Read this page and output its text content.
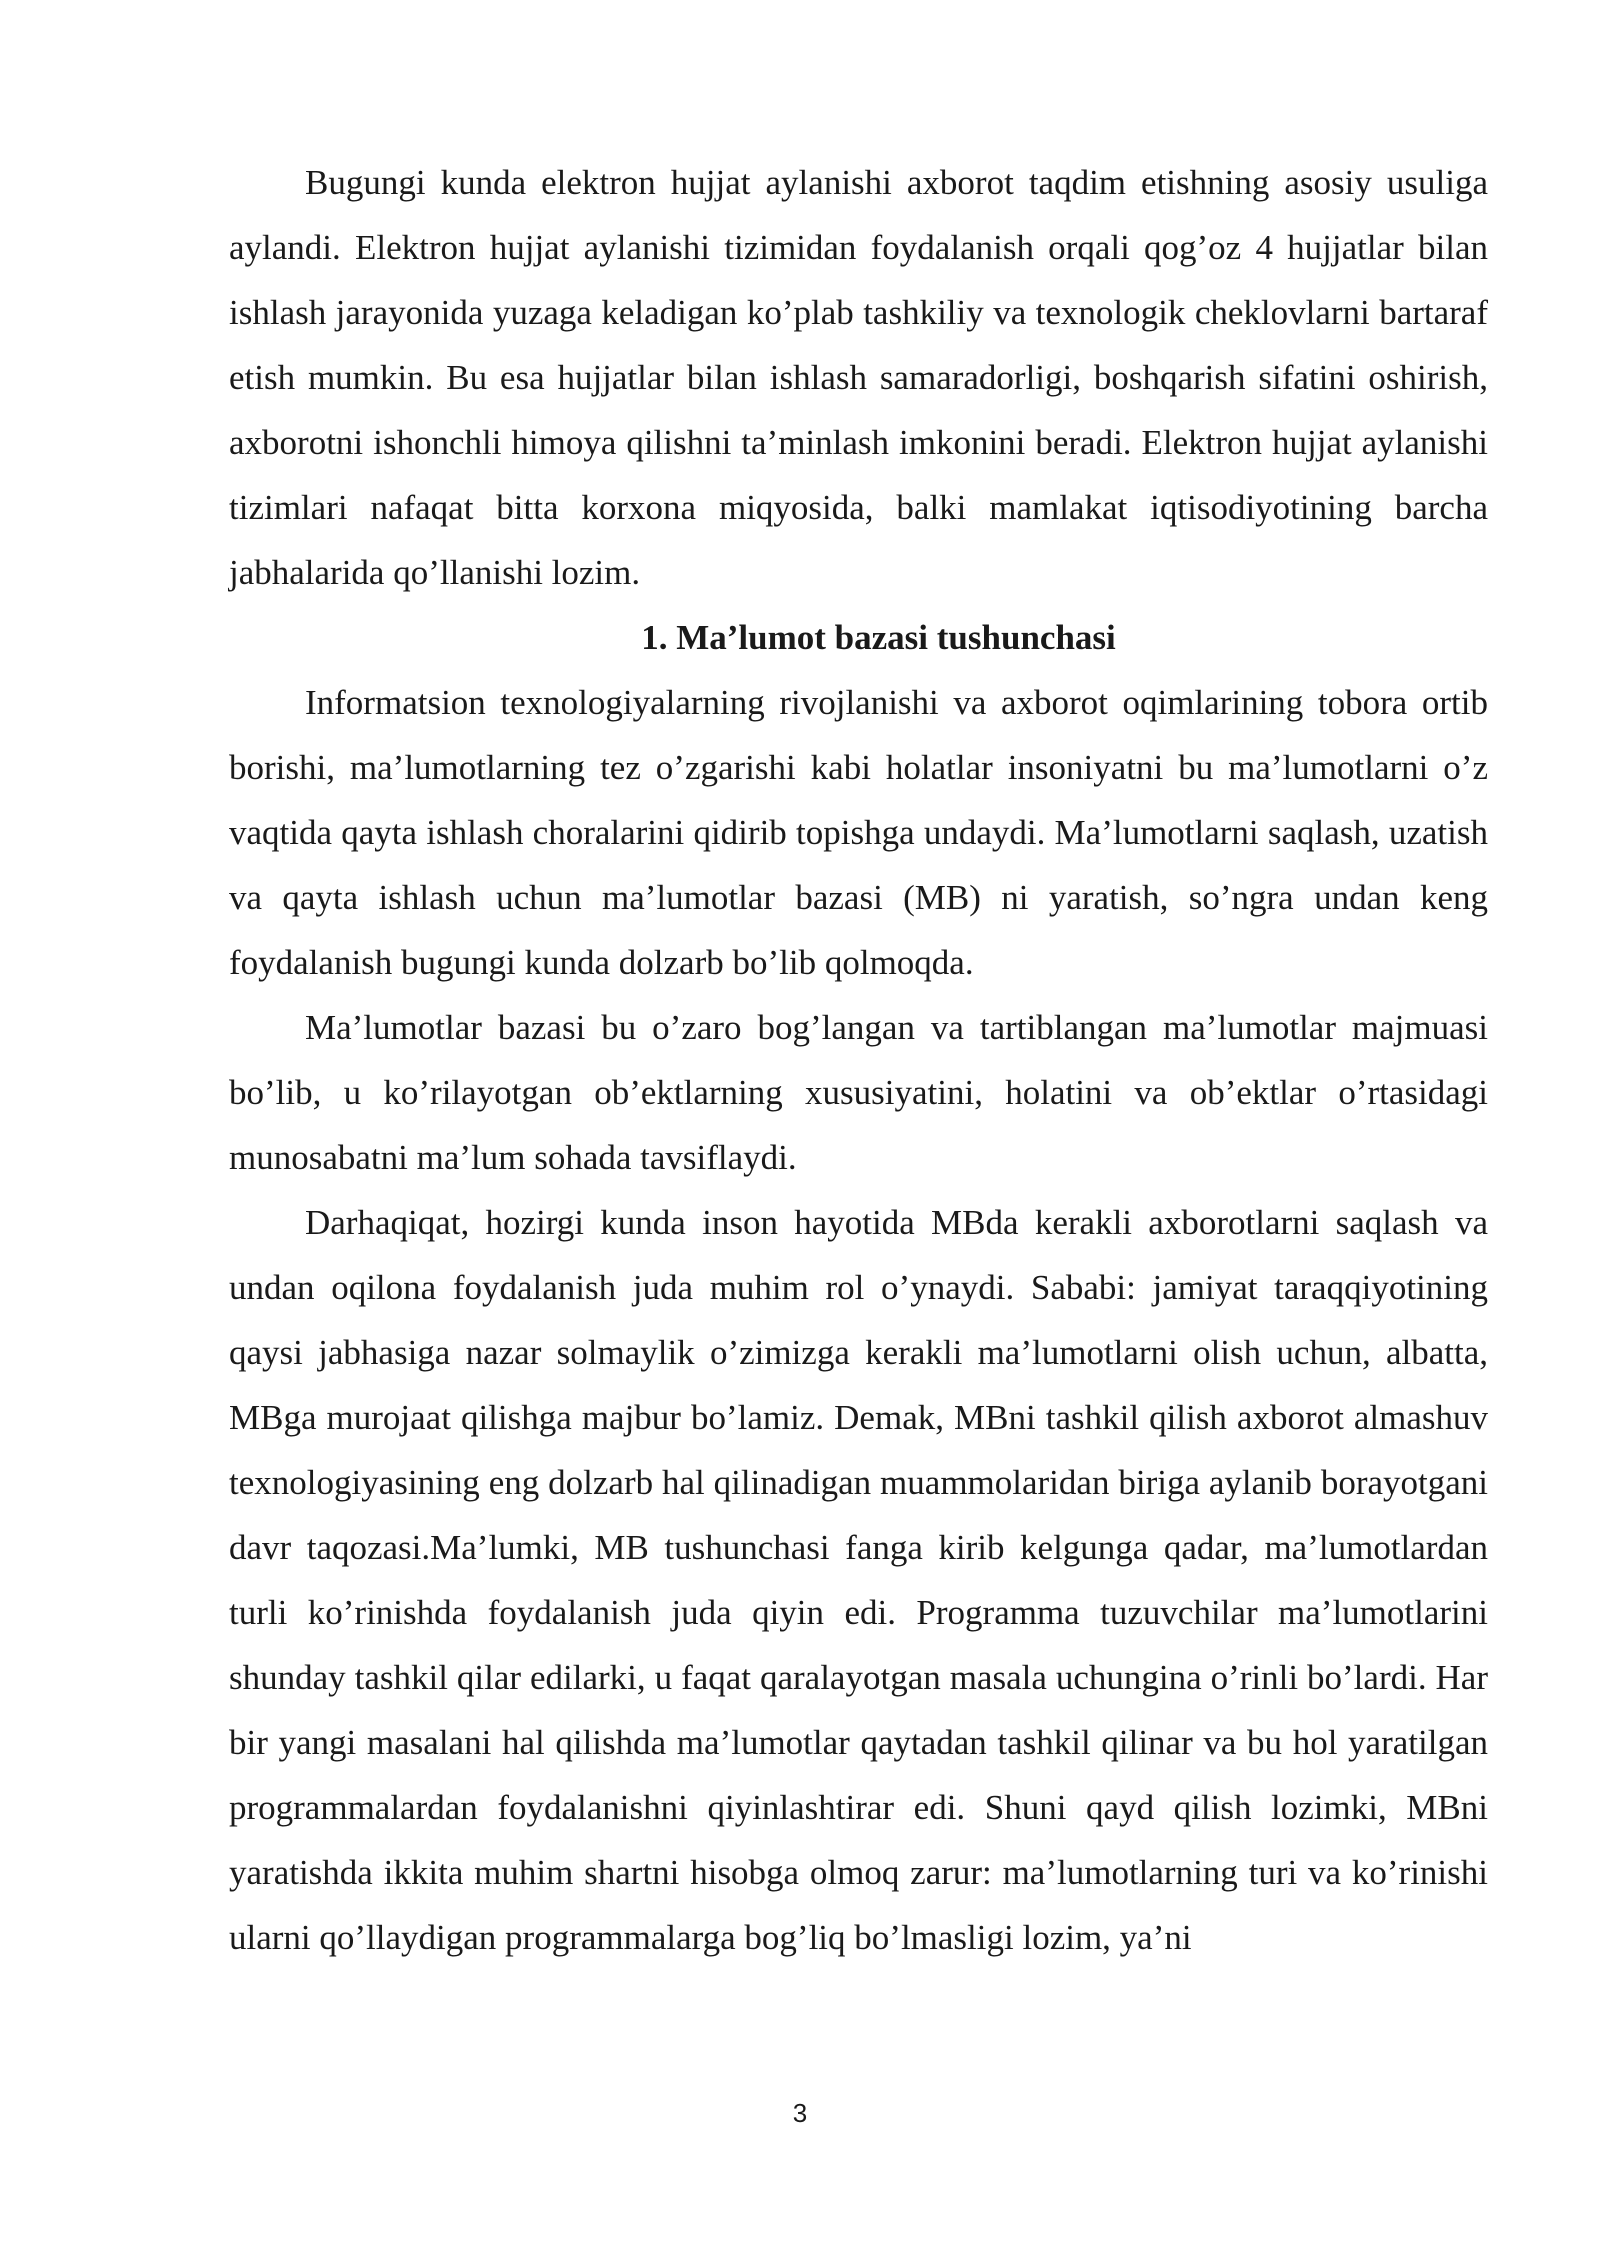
Bugungi kunda elektron hujjat aylanishi axborot taqdim etishning asosiy usuliga aylandi. Elektron hujjat aylanishi tizimidan foydalanish orqali qog’oz 4 hujjatlar bilan ishlash jarayonida yuzaga keladigan ko’plab tashkiliy va texnologik cheklovlarni bartaraf etish mumkin. Bu esa hujjatlar bilan ishlash samaradorligi, boshqarish sifatini oshirish, axborotni ishonchli himoya qilishni ta’minlash imkonini beradi. Elektron hujjat aylanishi tizimlari nafaqat bitta korxona miqyosida, balki mamlakat iqtisodiyotining barcha jabhalarida qo’llanishi lozim.

1. Ma’lumot bazasi tushunchasi

Informatsion texnologiyalarning rivojlanishi va axborot oqimlarining tobora ortib borishi, ma’lumotlarning tez o’zgarishi kabi holatlar insoniyatni bu ma’lumotlarni o’z vaqtida qayta ishlash choralarini qidirib topishga undaydi. Ma’lumotlarni saqlash, uzatish va qayta ishlash uchun ma’lumotlar bazasi (MB) ni yaratish, so’ngra undan keng foydalanish bugungi kunda dolzarb bo’lib qolmoqda.

Ma’lumotlar bazasi bu o’zaro bog’langan va tartiblangan ma’lumotlar majmuasi bo’lib, u ko’rilayotgan ob’ektlarning xususiyatini, holatini va ob’ektlar o’rtasidagi munosabatni ma’lum sohada tavsiflaydi.

Darhaqiqat, hozirgi kunda inson hayotida MBda kerakli axborotlarni saqlash va undan oqilona foydalanish juda muhim rol o’ynaydi. Sababi: jamiyat taraqqiyotining qaysi jabhasiga nazar solmaylik o’zimizga kerakli ma’lumotlarni olish uchun, albatta, MBga murojaat qilishga majbur bo’lamiz. Demak, MBni tashkil qilish axborot almashuv texnologiyasining eng dolzarb hal qilinadigan muammolaridan biriga aylanib borayotgani davr taqozasi.Ma’lumki, MB tushunchasi fanga kirib kelgunga qadar, ma’lumotlardan turli ko’rinishda foydalanish juda qiyin edi. Programma tuzuvchilar ma’lumotlarini shunday tashkil qilar edilarki, u faqat qaralayotgan masala uchungina o’rinli bo’lardi. Har bir yangi masalani hal qilishda ma’lumotlar qaytadan tashkil qilinar va bu hol yaratilgan programmalardan foydalanishni qiyinlashtirar edi. Shuni qayd qilish lozimki, MBni yaratishda ikkita muhim shartni hisobga olmoq zarur: ma’lumotlarning turi va ko’rinishi ularni qo’llaydigan programmalarga bog’liq bo’lmasligi lozim, ya’ni

3
